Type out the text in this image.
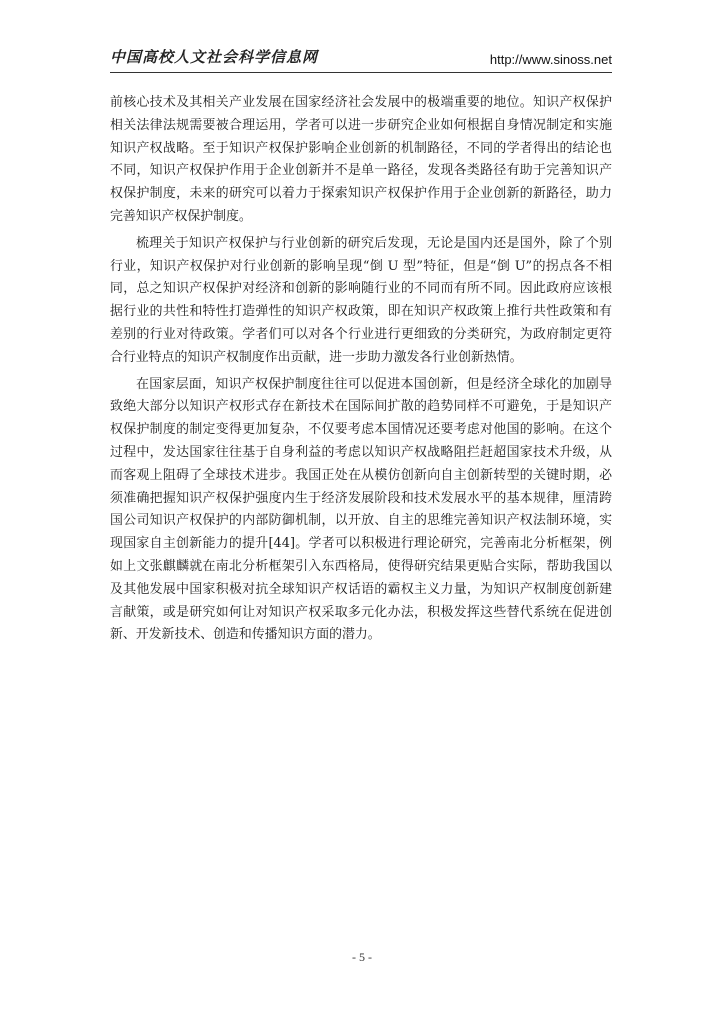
中国高校人文社会科学信息网	http://www.sinoss.net

前核心技术及其相关产业发展在国家经济社会发展中的极端重要的地位。知识产权保护相关法律法规需要被合理运用，学者可以进一步研究企业如何根据自身情况制定和实施知识产权战略。至于知识产权保护影响企业创新的机制路径，不同的学者得出的结论也不同，知识产权保护作用于企业创新并不是单一路径，发现各类路径有助于完善知识产权保护制度，未来的研究可以着力于探索知识产权保护作用于企业创新的新路径，助力完善知识产权保护制度。

梳理关于知识产权保护与行业创新的研究后发现，无论是国内还是国外，除了个别行业，知识产权保护对行业创新的影响呈现“倒 U 型”特征，但是“倒 U”的拐点各不相同，总之知识产权保护对经济和创新的影响随行业的不同而有所不同。因此政府应该根据行业的共性和特性打造弹性的知识产权政策，即在知识产权政策上推行共性政策和有差别的行业对待政策。学者们可以对各个行业进行更细致的分类研究，为政府制定更符合行业特点的知识产权制度作出贡献，进一步助力激发各行业创新热情。

在国家层面，知识产权保护制度往往可以促进本国创新，但是经济全球化的加剧导致绝大部分以知识产权形式存在新技术在国际间扩散的趋势同样不可避免，于是知识产权保护制度的制定变得更加复杂，不仅要考虑本国情况还要考虑对他国的影响。在这个过程中，发达国家往往基于自身利益的考虑以知识产权战略阻拦赶超国家技术升级，从而客观上阻碍了全球技术进步。我国正处在从模仿创新向自主创新转型的关键时期，必须准确把握知识产权保护强度内生于经济发展阶段和技术发展水平的基本规律，厘清跨国公司知识产权保护的内部防御机制，以开放、自主的思维完善知识产权法制环境，实现国家自主创新能力的提升[44]。学者可以积极进行理论研究，完善南北分析框架，例如上文张麒麟就在南北分析框架引入东西格局，使得研究结果更贴合实际，帮助我国以及其他发展中国家积极对抗全球知识产权话语的霸权主义力量，为知识产权制度创新建言献策，或是研究如何让对知识产权采取多元化办法，积极发挥这些替代系统在促进创新、开发新技术、创造和传播知识方面的潜力。

- 5 -
